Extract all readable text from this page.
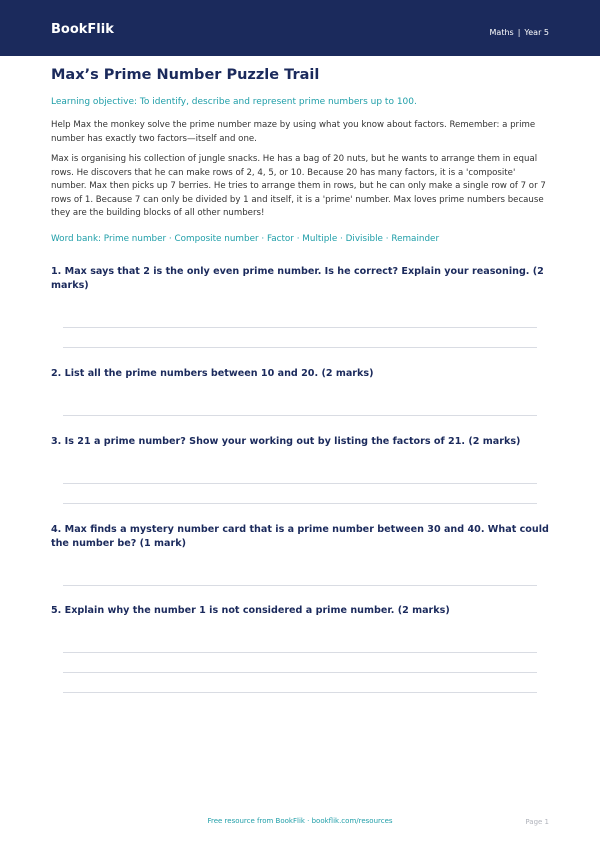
BookFlik	Maths | Year 5
Max’s Prime Number Puzzle Trail

Learning objective: To identify, describe and represent prime numbers up to 100.

Help Max the monkey solve the prime number maze by using what you know about factors. Remember: a prime number has exactly two factors—itself and one.

Max is organising his collection of jungle snacks. He has a bag of 20 nuts, but he wants to arrange them in equal rows. He discovers that he can make rows of 2, 4, 5, or 10. Because 20 has many factors, it is a 'composite' number. Max then picks up 7 berries. He tries to arrange them in rows, but he can only make a single row of 7 or 7 rows of 1. Because 7 can only be divided by 1 and itself, it is a 'prime' number. Max loves prime numbers because they are the building blocks of all other numbers!

Word bank: Prime number · Composite number · Factor · Multiple · Divisible · Remainder

1. Max says that 2 is the only even prime number. Is he correct? Explain your reasoning. (2 marks)

2. List all the prime numbers between 10 and 20. (2 marks)

3. Is 21 a prime number? Show your working out by listing the factors of 21. (2 marks)

4. Max finds a mystery number card that is a prime number between 30 and 40. What could the number be? (1 mark)

5. Explain why the number 1 is not considered a prime number. (2 marks)

Free resource from BookFlik · bookflik.com/resources	Page 1
